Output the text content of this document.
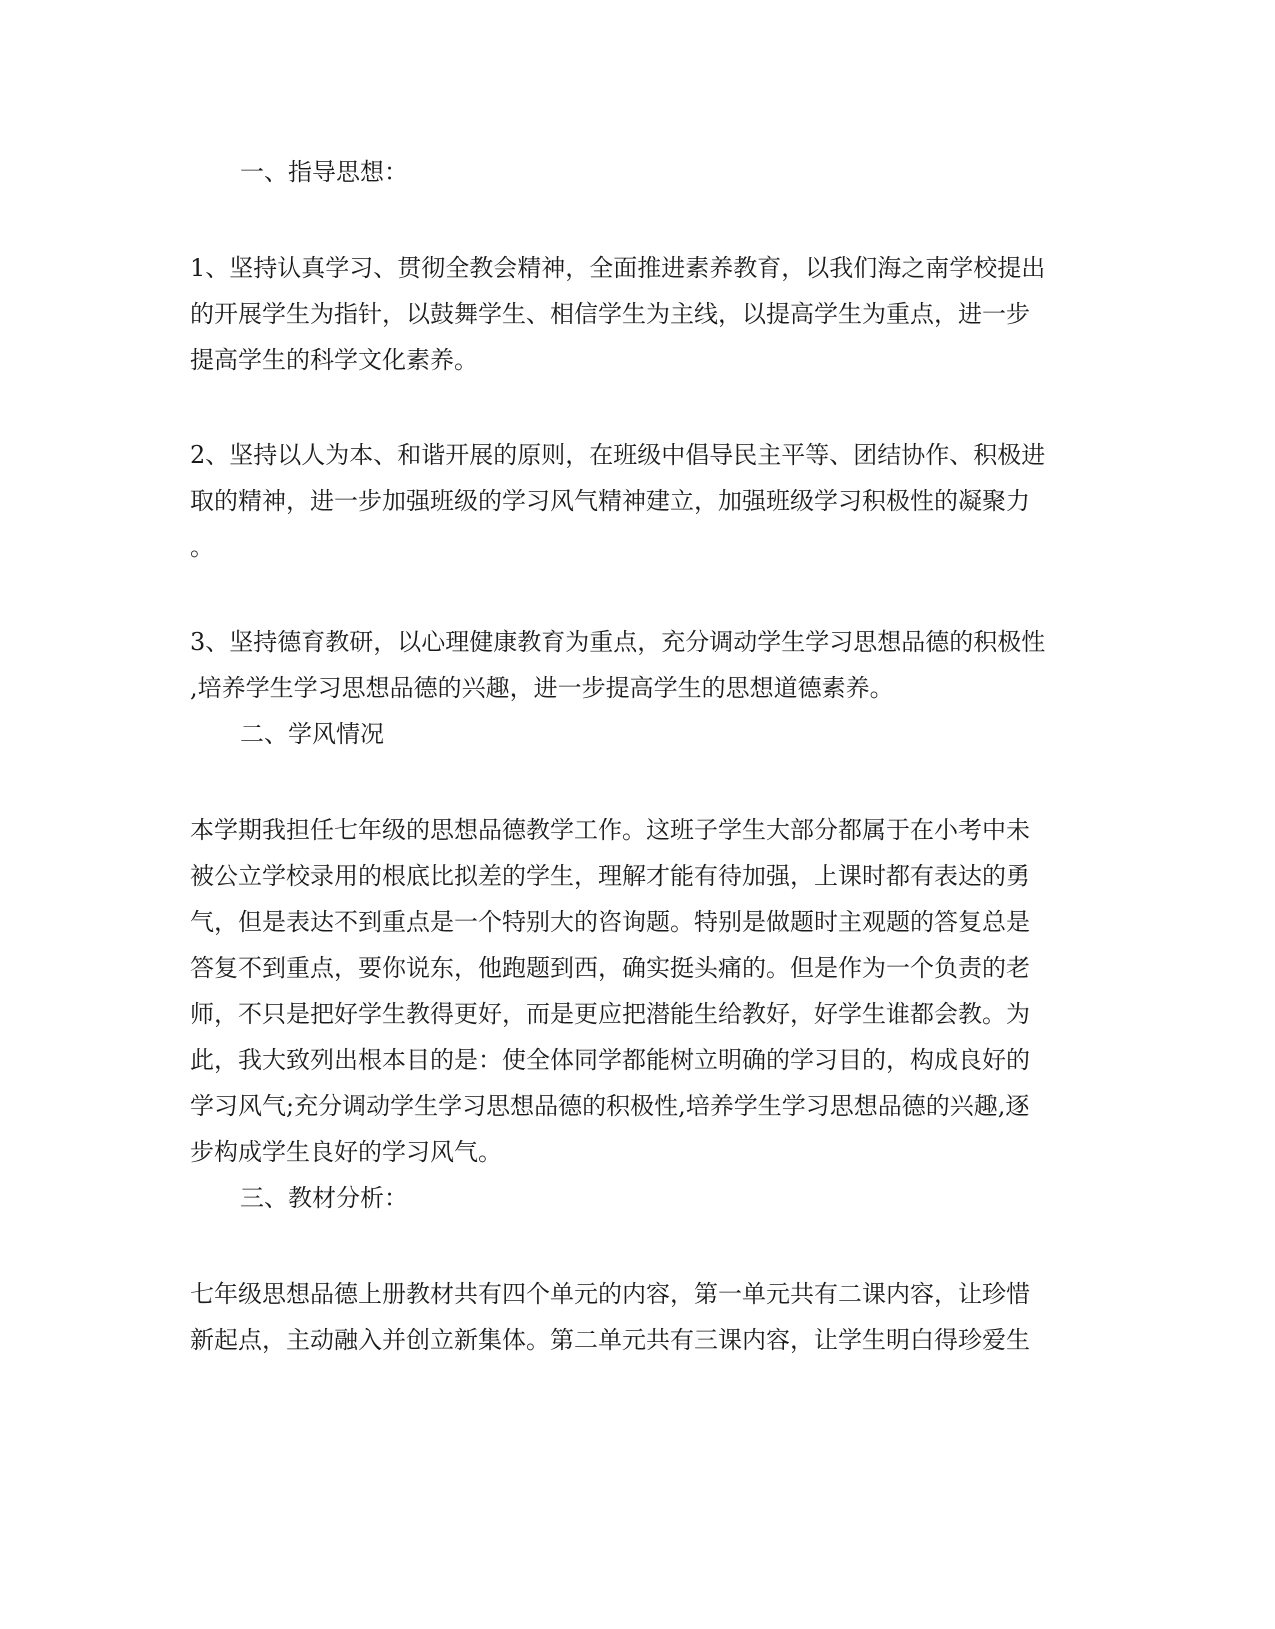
一、指导思想：
1、坚持认真学习、贯彻全教会精神，全面推进素养教育，以我们海之南学校提出
的开展学生为指针，以鼓舞学生、相信学生为主线，以提高学生为重点，进一步
提高学生的科学文化素养。
2、坚持以人为本、和谐开展的原则，在班级中倡导民主平等、团结协作、积极进
取的精神，进一步加强班级的学习风气精神建立，加强班级学习积极性的凝聚力
。
3、坚持德育教研，以心理健康教育为重点，充分调动学生学习思想品德的积极性
,培养学生学习思想品德的兴趣，进一步提高学生的思想道德素养。
二、学风情况
本学期我担任七年级的思想品德教学工作。这班子学生大部分都属于在小考中未
被公立学校录用的根底比拟差的学生，理解才能有待加强，上课时都有表达的勇
气，但是表达不到重点是一个特别大的咨询题。特别是做题时主观题的答复总是
答复不到重点，要你说东，他跑题到西，确实挺头痛的。但是作为一个负责的老
师，不只是把好学生教得更好，而是更应把潜能生给教好，好学生谁都会教。为
此，我大致列出根本目的是：使全体同学都能树立明确的学习目的，构成良好的
学习风气;充分调动学生学习思想品德的积极性,培养学生学习思想品德的兴趣,逐
步构成学生良好的学习风气。
三、教材分析：
七年级思想品德上册教材共有四个单元的内容，第一单元共有二课内容，让珍惜
新起点，主动融入并创立新集体。第二单元共有三课内容，让学生明白得珍爱生
